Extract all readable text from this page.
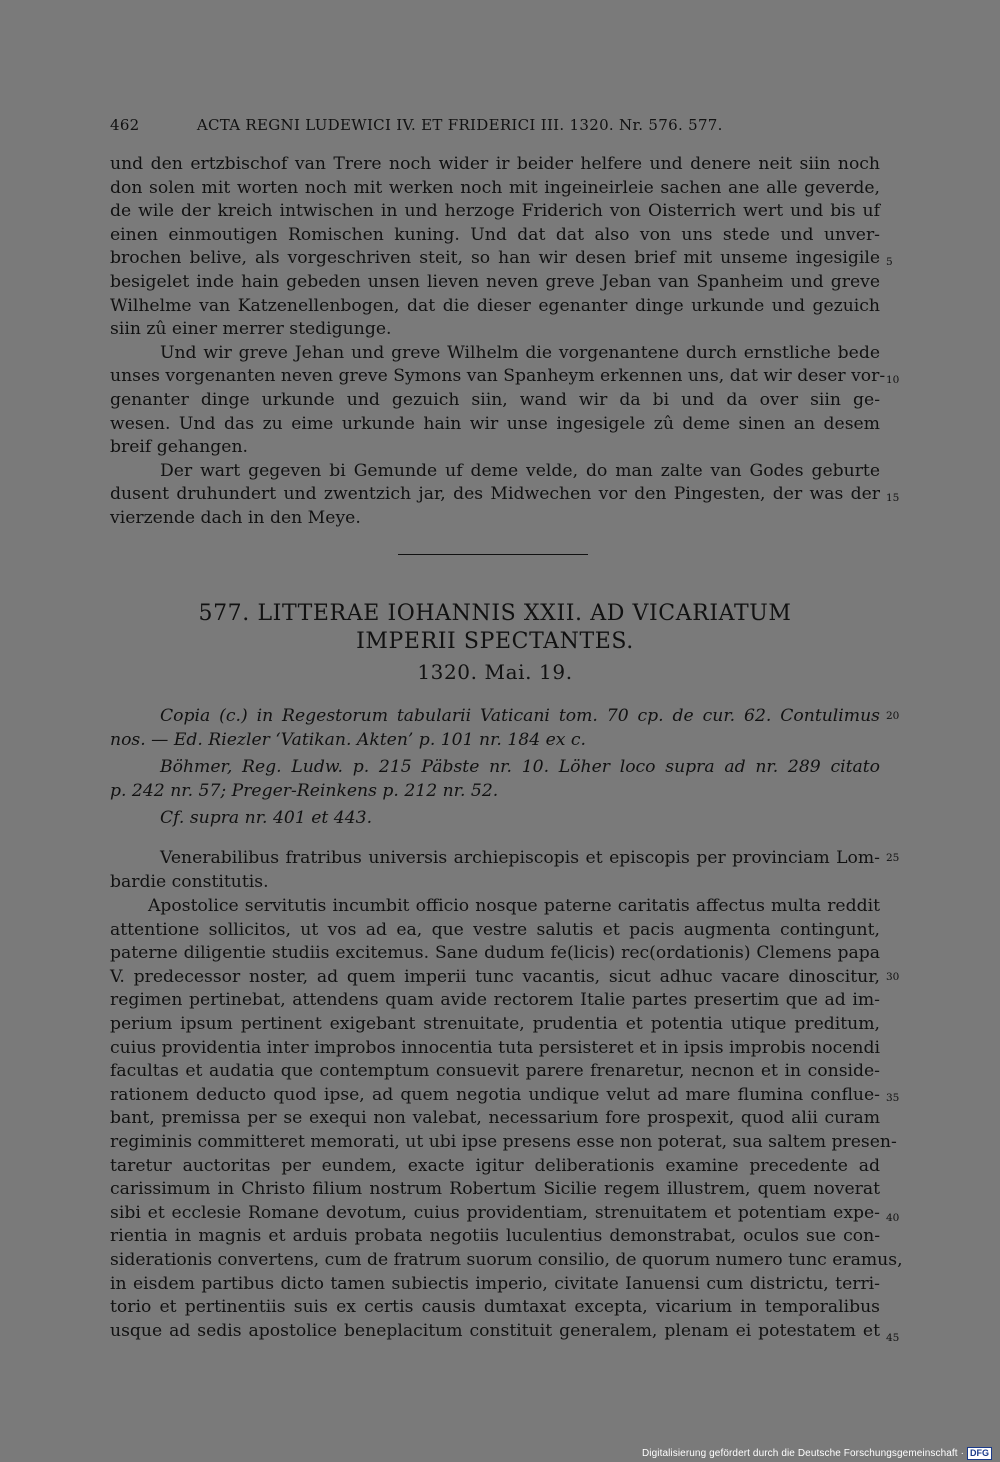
462	ACTA REGNI LUDEWICI IV. ET FRIDERICI III. 1320. Nr. 576. 577.
und den ertzbischof van Trere noch wider ir beider helfere und denere neit siin noch
don solen mit worten noch mit werken noch mit ingeineirleie sachen ane alle geverde,
de wile der kreich intwischen in und herzoge Friderich von Oisterrich wert und bis uf
einen einmoutigen Romischen kuning. Und dat dat also von uns stede und unver-
brochen belive, als vorgeschriven steit, so han wir desen brief mit unseme ingesigile
besigelet inde hain gebeden unsen lieven neven greve Jeban van Spanheim und greve
Wilhelme van Katzenellenbogen, dat die dieser egenanter dinge urkunde und gezuich
siin zû einer merrer stedigunge.
Und wir greve Jehan und greve Wilhelm die vorgenantene durch ernstliche bede
unses vorgenanten neven greve Symons van Spanheym erkennen uns, dat wir deser vor-
genanter dinge urkunde und gezuich siin, wand wir da bi und da over siin ge-
wesen. Und das zu eime urkunde hain wir unse ingesigele zû deme sinen an desem
breif gehangen.
Der wart gegeven bi Gemunde uf deme velde, do man zalte van Godes geburte
dusent druhundert und zwentzich jar, des Midwechen vor den Pingesten, der was der
vierzende dach in den Meye.
5
10
15
577. LITTERAE IOHANNIS XXII. AD VICARIATUM
IMPERII SPECTANTES.
1320. Mai. 19.
Copia (c.) in Regestorum tabularii Vaticani tom. 70 cp. de cur. 62. Contulimus
nos. — Ed. Riezler ‘Vatikan. Akten’ p. 101 nr. 184 ex c.
Böhmer, Reg. Ludw. p. 215 Päbste nr. 10. Löher loco supra ad nr. 289 citato
p. 242 nr. 57; Preger-Reinkens p. 212 nr. 52.
Cf. supra nr. 401 et 443.
20
Venerabilibus fratribus universis archiepiscopis et episcopis per provinciam Lom-
bardie constitutis.
25
Apostolice servitutis incumbit officio nosque paterne caritatis affectus multa reddit
attentione sollicitos, ut vos ad ea, que vestre salutis et pacis augmenta contingunt,
paterne diligentie studiis excitemus. Sane dudum fe(licis) rec(ordationis) Clemens papa
V. predecessor noster, ad quem imperii tunc vacantis, sicut adhuc vacare dinoscitur,
regimen pertinebat, attendens quam avide rectorem Italie partes presertim que ad im-
perium ipsum pertinent exigebant strenuitate, prudentia et potentia utique preditum,
cuius providentia inter improbos innocentia tuta persisteret et in ipsis improbis nocendi
facultas et audatia que contemptum consuevit parere frenaretur, necnon et in conside-
rationem deducto quod ipse, ad quem negotia undique velut ad mare flumina conflue-
bant, premissa per se exequi non valebat, necessarium fore prospexit, quod alii curam
regiminis committeret memorati, ut ubi ipse presens esse non poterat, sua saltem presen-
taretur auctoritas per eundem, exacte igitur deliberationis examine precedente ad
carissimum in Christo filium nostrum Robertum Sicilie regem illustrem, quem noverat
sibi et ecclesie Romane devotum, cuius providentiam, strenuitatem et potentiam expe-
rientia in magnis et arduis probata negotiis luculentius demonstrabat, oculos sue con-
siderationis convertens, cum de fratrum suorum consilio, de quorum numero tunc eramus,
in eisdem partibus dicto tamen subiectis imperio, civitate Ianuensi cum districtu, terri-
torio et pertinentiis suis ex certis causis dumtaxat excepta, vicarium in temporalibus
usque ad sedis apostolice beneplacitum constituit generalem, plenam ei potestatem et
30
35
40
45
Digitalisierung gefördert durch die Deutsche Forschungsgemeinschaft · DFG
